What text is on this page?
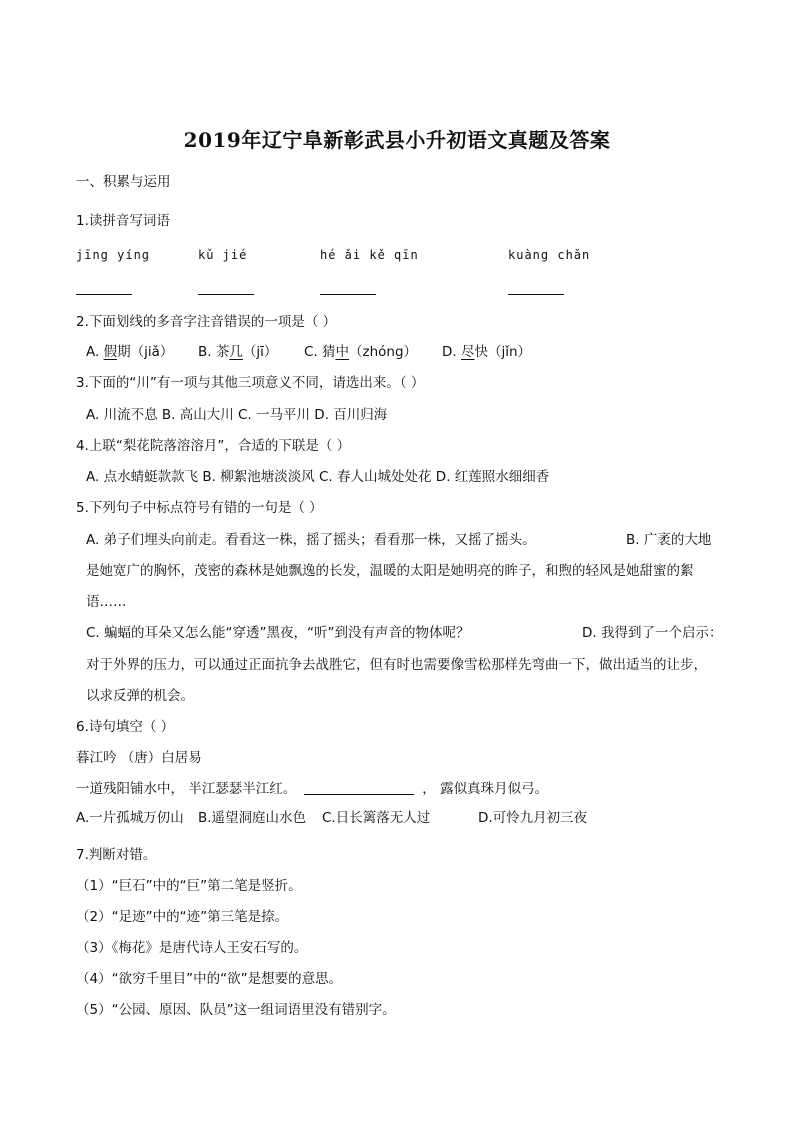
2019年辽宁阜新彰武县小升初语文真题及答案
一、积累与运用
1.读拼音写词语
jīng yíng	kǔ jié	hé ǎi kě qīn	kuàng chǎn
2.下面划线的多音字注音错误的一项是（ ）
A. 假期（jiǎ） B. 茶几（jī） C. 猜中（zhóng） D. 尽快（jǐn）
3.下面的“川”有一项与其他三项意义不同，请选出来。（ ）
A. 川流不息 B. 高山大川 C. 一马平川 D. 百川归海
4.上联“梨花院落溶溶月”，合适的下联是（ ）
A. 点水蜻蜓款款飞 B. 柳絮池塘淡淡风 C. 春人山城处处花 D. 红莲照水细细香
5.下列句子中标点符号有错的一句是（ ）
A. 弟子们埋头向前走。看看这一株，摇了摇头；看看那一株，又摇了摇头。	B. 广袤的大地
是她宽广的胸怀，茂密的森林是她飘逸的长发，温暖的太阳是她明亮的眸子，和煦的轻风是她甜蜜的絮
语……
C. 蝙蝠的耳朵又怎么能“穿透”黑夜，“听”到没有声音的物体呢？	D. 我得到了一个启示：
对于外界的压力，可以通过正面抗争去战胜它，但有时也需要像雪松那样先弯曲一下，做出适当的让步，
以求反弹的机会。
6.诗句填空（ ）
暮江吟 （唐）白居易
一道残阳铺水中， 半江瑟瑟半江红。	， 露似真珠月似弓。
A.一片孤城万仞山 B.遥望洞庭山水色 C.日长篱落无人过	D.可怜九月初三夜
7.判断对错。
（1）“巨石”中的“巨”第二笔是竖折。
（2）“足迹”中的“迹”第三笔是捺。
（3）《梅花》是唐代诗人王安石写的。
（4）“欲穷千里目”中的“欲”是想要的意思。
（5）“公园、原因、队员”这一组词语里没有错别字。
